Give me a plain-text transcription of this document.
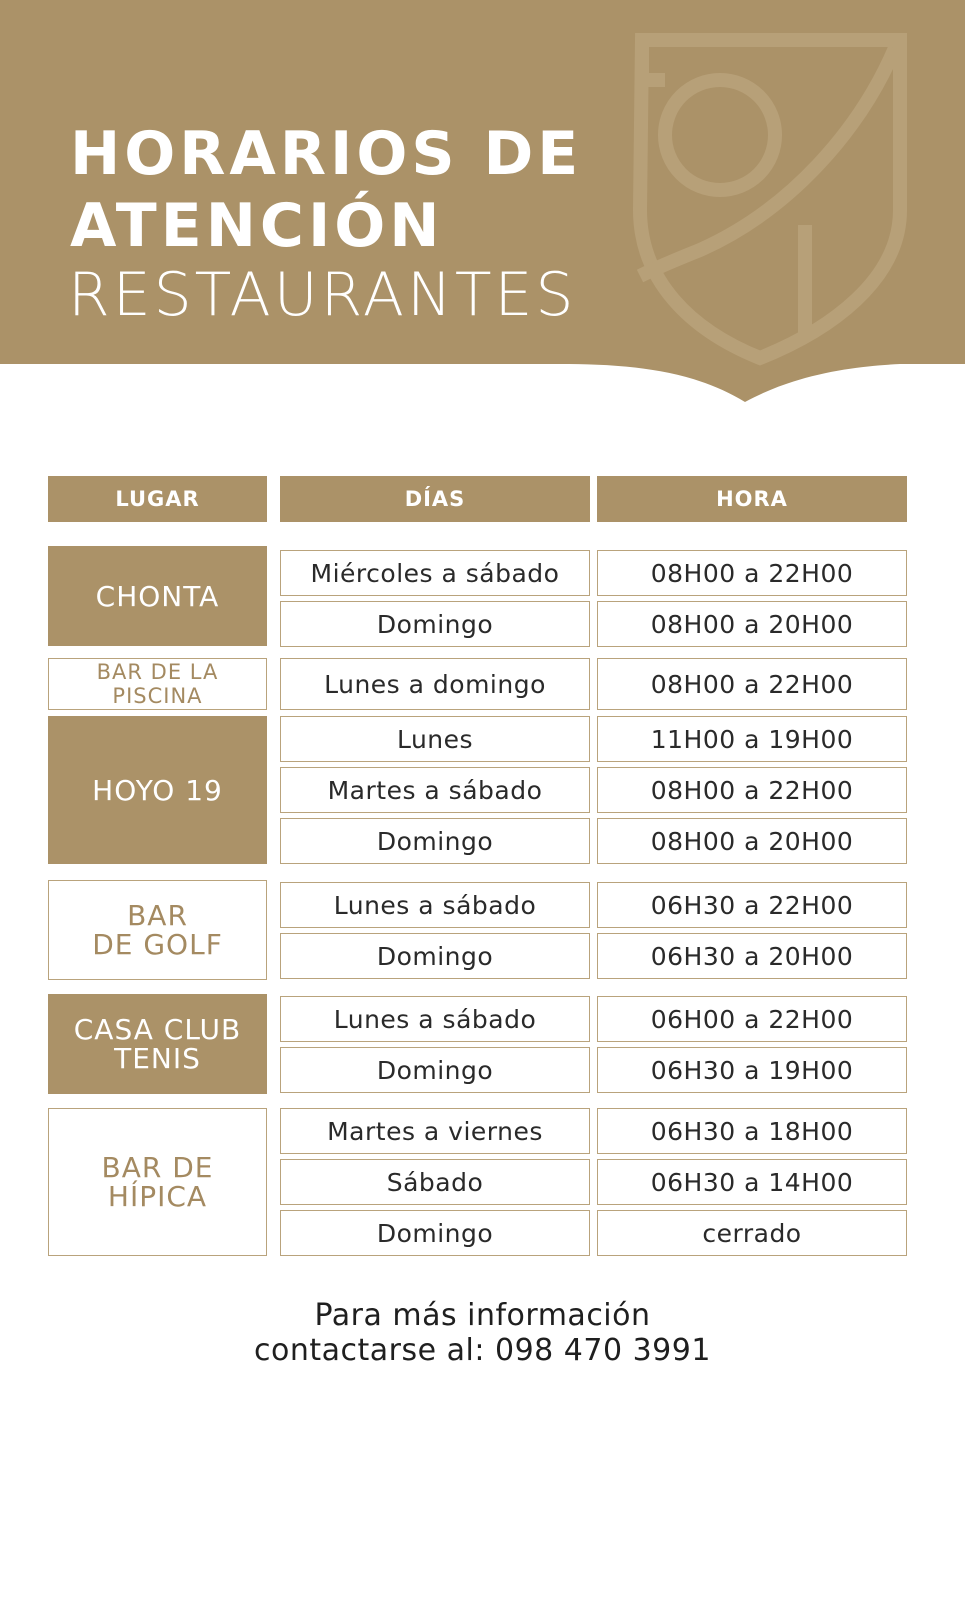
HORARIOS DE
ATENCIÓN
RESTAURANTES
LUGAR	DÍAS	HORA
CHONTA
Miércoles a sábado	08H00 a 22H00
Domingo	08H00 a 20H00
BAR DE LA
PISCINA	Lunes a domingo	08H00 a 22H00
HOYO 19
Lunes	11H00 a 19H00
Martes a sábado	08H00 a 22H00
Domingo	08H00 a 20H00
BAR
DE GOLF
Lunes a sábado	06H30 a 22H00
Domingo	06H30 a 20H00
CASA CLUB
TENIS
Lunes a sábado	06H00 a 22H00
Domingo	06H30 a 19H00
BAR DE
HÍPICA
Martes a viernes	06H30 a 18H00
Sábado	06H30 a 14H00
Domingo	cerrado
Para más información
contactarse al: 098 470 3991
